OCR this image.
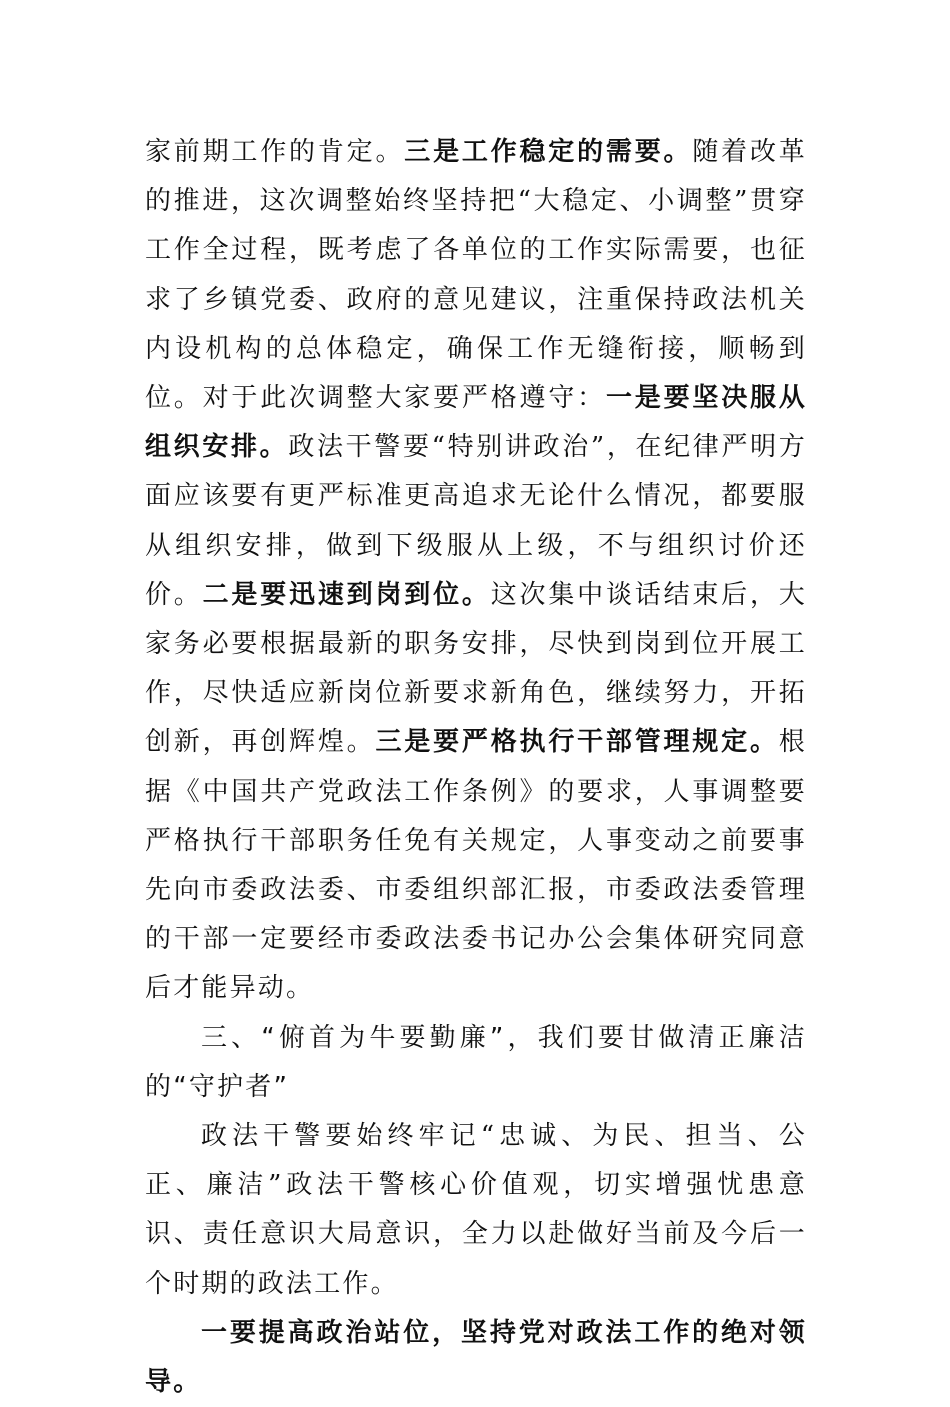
家前期工作的肯定。三是工作稳定的需要。随着改革的推进，这次调整始终坚持把“大稳定、小调整”贯穿工作全过程，既考虑了各单位的工作实际需要，也征求了乡镇党委、政府的意见建议，注重保持政法机关内设机构的总体稳定，确保工作无缝衔接，顺畅到位。对于此次调整大家要严格遵守：一是要坚决服从组织安排。政法干警要“特别讲政治”，在纪律严明方面应该要有更严标准更高追求无论什么情况，都要服从组织安排，做到下级服从上级，不与组织讨价还价。二是要迅速到岗到位。这次集中谈话结束后，大家务必要根据最新的职务安排，尽快到岗到位开展工作，尽快适应新岗位新要求新角色，继续努力，开拓创新，再创辉煌。三是要严格执行干部管理规定。根据《中国共产党政法工作条例》的要求，人事调整要严格执行干部职务任免有关规定，人事变动之前要事先向市委政法委、市委组织部汇报，市委政法委管理的干部一定要经市委政法委书记办公会集体研究同意后才能异动。

三、“俯首为牛要勤廉”，我们要甘做清正廉洁的“守护者”

政法干警要始终牢记“忠诚、为民、担当、公正、廉洁”政法干警核心价值观，切实增强忧患意识、责任意识大局意识，全力以赴做好当前及今后一个时期的政法工作。

一要提高政治站位，坚持党对政法工作的绝对领导。
